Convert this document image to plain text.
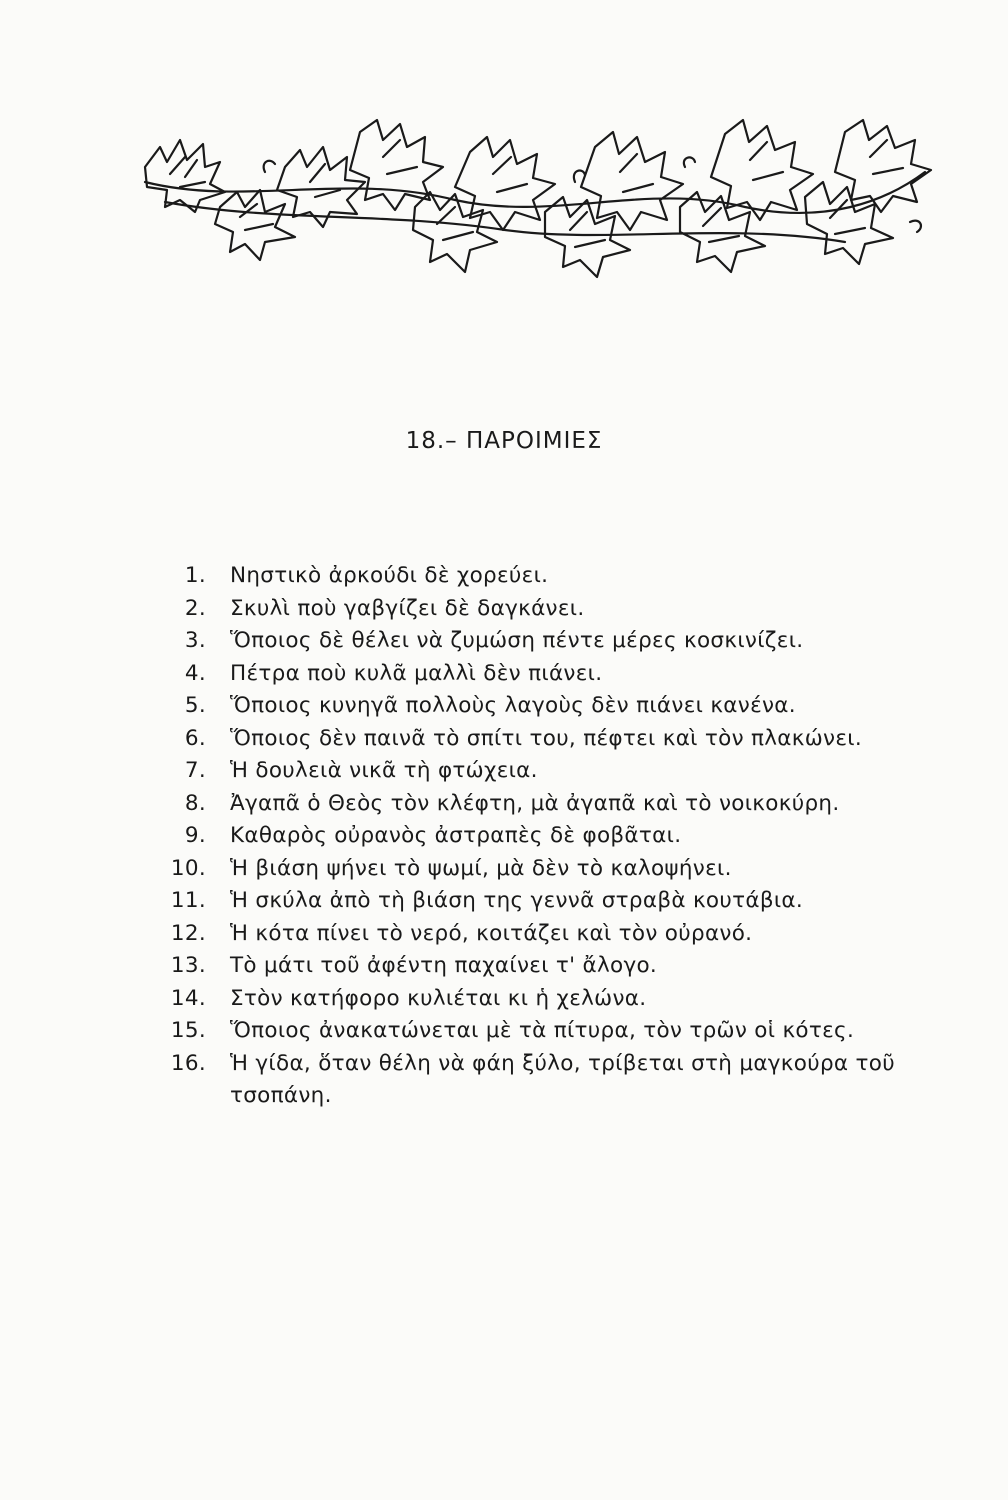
18.– ΠΑΡΟΙΜΙΕΣ
1. Νηστικὸ ἀρκούδι δὲ χορεύει.
2. Σκυλὶ ποὺ γαβγίζει δὲ δαγκάνει.
3. Ὅποιος δὲ θέλει νὰ ζυμώση πέντε μέρες κοσκινίζει.
4. Πέτρα ποὺ κυλᾶ μαλλὶ δὲν πιάνει.
5. Ὅποιος κυνηγᾶ πολλοὺς λαγοὺς δὲν πιάνει κανένα.
6. Ὅποιος δὲν παινᾶ τὸ σπίτι του, πέφτει καὶ τὸν πλακώνει.
7. Ἡ δουλειὰ νικᾶ τὴ φτώχεια.
8. Ἀγαπᾶ ὁ Θεὸς τὸν κλέφτη, μὰ ἀγαπᾶ καὶ τὸ νοικοκύρη.
9. Καθαρὸς οὐρανὸς ἀστραπὲς δὲ φοβᾶται.
10. Ἡ βιάση ψήνει τὸ ψωμί, μὰ δὲν τὸ καλοψήνει.
11. Ἡ σκύλα ἀπὸ τὴ βιάση της γεννᾶ στραβὰ κουτάβια.
12. Ἡ κότα πίνει τὸ νερό, κοιτάζει καὶ τὸν οὐρανό.
13. Τὸ μάτι τοῦ ἀφέντη παχαίνει τ' ἄλογο.
14. Στὸν κατήφορο κυλιέται κι ἡ χελώνα.
15. Ὅποιος ἀνακατώνεται μὲ τὰ πίτυρα, τὸν τρῶν οἱ κότες.
16. Ἡ γίδα, ὅταν θέλη νὰ φάη ξύλο, τρίβεται στὴ μαγκούρα τοῦ τσοπάνη.
